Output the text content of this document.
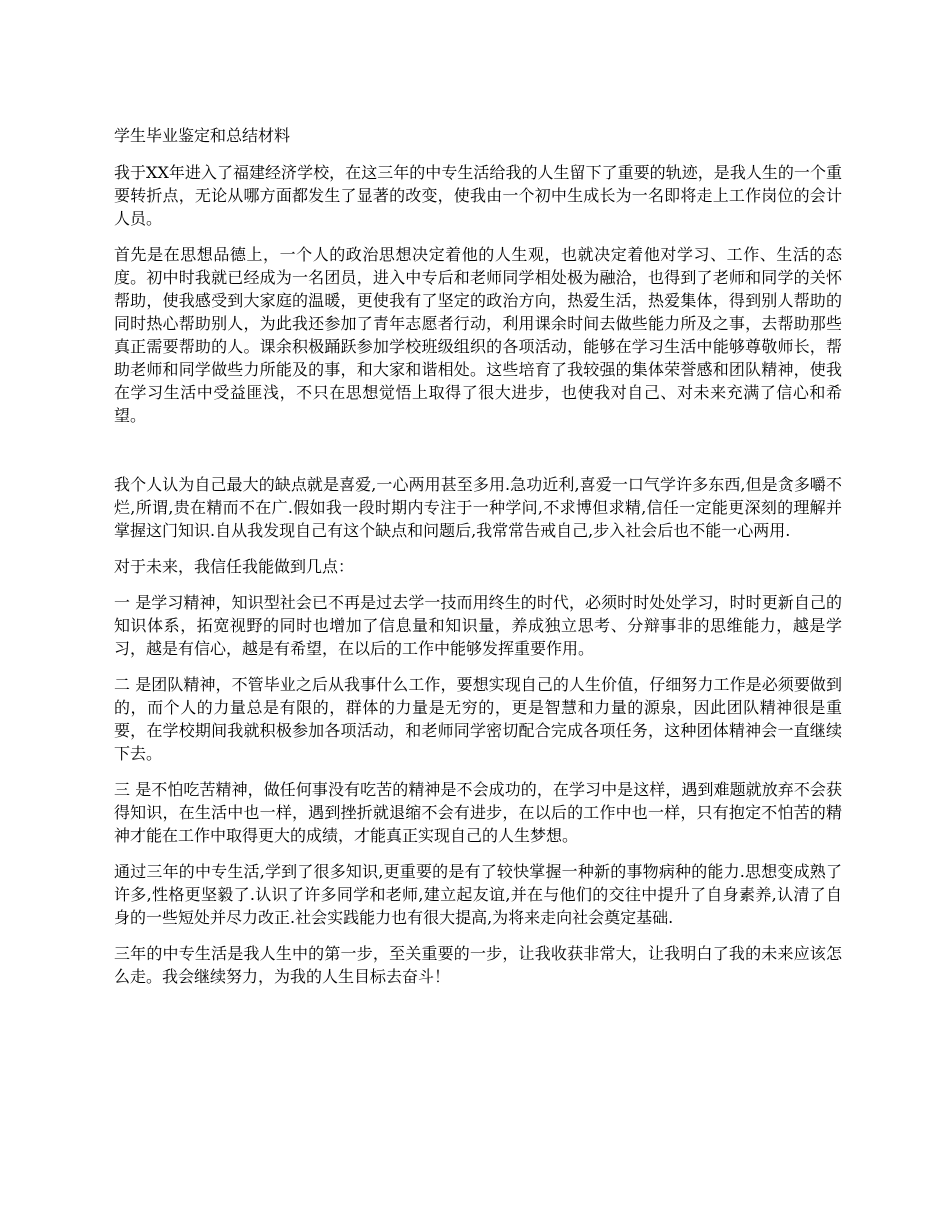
学生毕业鉴定和总结材料

我于XX年进入了福建经济学校，在这三年的中专生活给我的人生留下了重要的轨迹，是我人生的一个重要转折点，无论从哪方面都发生了显著的改变，使我由一个初中生成长为一名即将走上工作岗位的会计人员。

首先是在思想品德上，一个人的政治思想决定着他的人生观，也就决定着他对学习、工作、生活的态度。初中时我就已经成为一名团员，进入中专后和老师同学相处极为融洽，也得到了老师和同学的关怀帮助，使我感受到大家庭的温暖，更使我有了坚定的政治方向，热爱生活，热爱集体，得到别人帮助的同时热心帮助别人，为此我还参加了青年志愿者行动，利用课余时间去做些能力所及之事，去帮助那些真正需要帮助的人。课余积极踊跃参加学校班级组织的各项活动，能够在学习生活中能够尊敬师长，帮助老师和同学做些力所能及的事，和大家和谐相处。这些培育了我较强的集体荣誉感和团队精神，使我在学习生活中受益匪浅，不只在思想觉悟上取得了很大进步，也使我对自己、对未来充满了信心和希望。

我个人认为自己最大的缺点就是喜爱,一心两用甚至多用.急功近利,喜爱一口气学许多东西,但是贪多嚼不烂,所谓,贵在精而不在广.假如我一段时期内专注于一种学问,不求博但求精,信任一定能更深刻的理解并掌握这门知识.自从我发现自己有这个缺点和问题后,我常常告戒自己,步入社会后也不能一心两用.

对于未来，我信任我能做到几点：

一 是学习精神，知识型社会已不再是过去学一技而用终生的时代，必须时时处处学习，时时更新自己的知识体系，拓宽视野的同时也增加了信息量和知识量，养成独立思考、分辩事非的思维能力，越是学习，越是有信心，越是有希望，在以后的工作中能够发挥重要作用。

二 是团队精神，不管毕业之后从我事什么工作，要想实现自己的人生价值，仔细努力工作是必须要做到的，而个人的力量总是有限的，群体的力量是无穷的，更是智慧和力量的源泉，因此团队精神很是重要，在学校期间我就积极参加各项活动，和老师同学密切配合完成各项任务，这种团体精神会一直继续下去。

三 是不怕吃苦精神，做任何事没有吃苦的精神是不会成功的，在学习中是这样，遇到难题就放弃不会获得知识，在生活中也一样，遇到挫折就退缩不会有进步，在以后的工作中也一样，只有抱定不怕苦的精神才能在工作中取得更大的成绩，才能真正实现自己的人生梦想。

通过三年的中专生活,学到了很多知识,更重要的是有了较快掌握一种新的事物病种的能力.思想变成熟了许多,性格更坚毅了.认识了许多同学和老师,建立起友谊,并在与他们的交往中提升了自身素养,认清了自身的一些短处并尽力改正.社会实践能力也有很大提高,为将来走向社会奠定基础.

三年的中专生活是我人生中的第一步，至关重要的一步，让我收获非常大，让我明白了我的未来应该怎么走。我会继续努力，为我的人生目标去奋斗！
